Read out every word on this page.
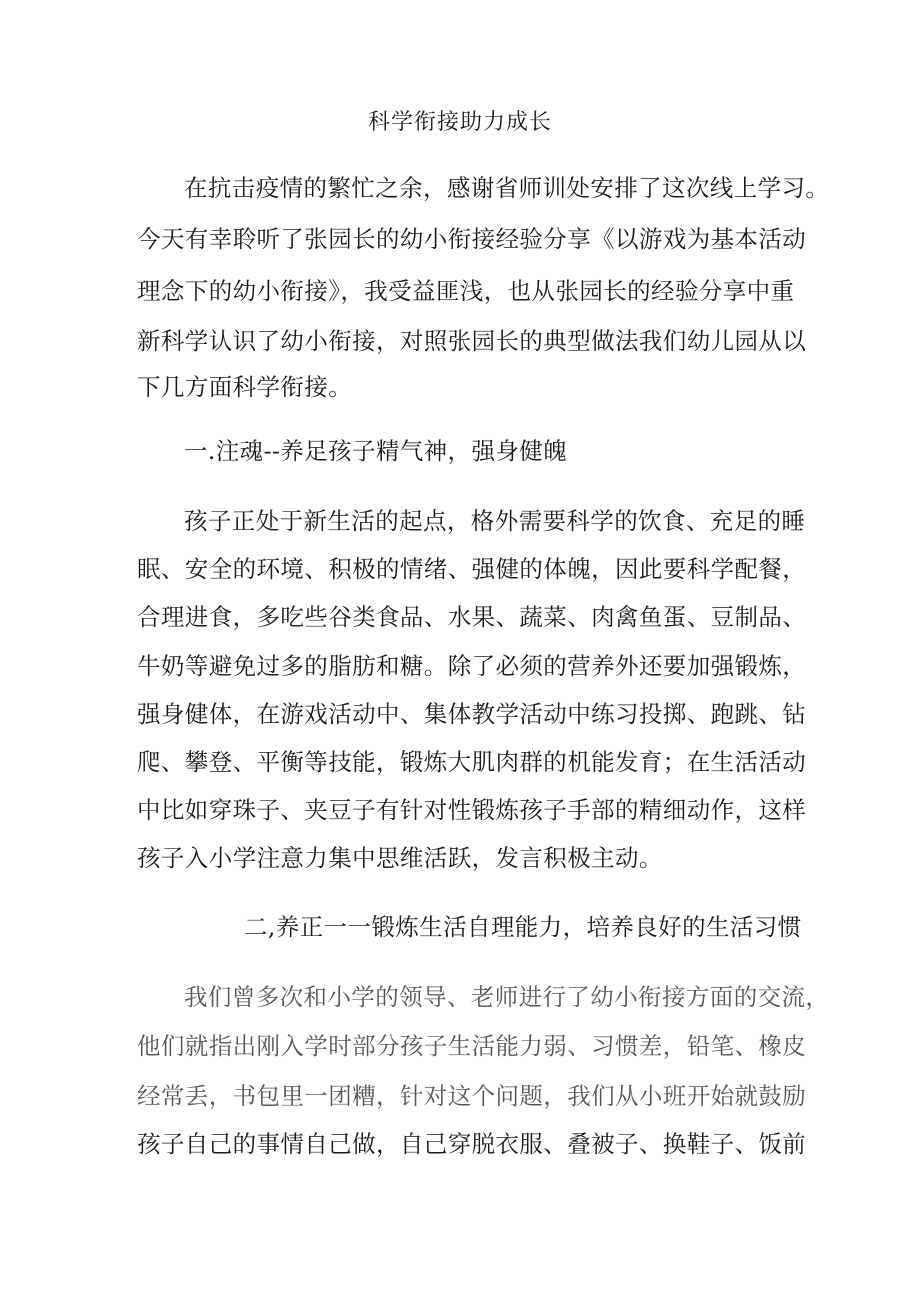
科学衔接助力成长
在抗击疫情的繁忙之余，感谢省师训处安排了这次线上学习。
今天有幸聆听了张园长的幼小衔接经验分享《以游戏为基本活动
理念下的幼小衔接》，我受益匪浅，也从张园长的经验分享中重
新科学认识了幼小衔接，对照张园长的典型做法我们幼儿园从以
下几方面科学衔接。
一.注魂--养足孩子精气神，强身健魄
孩子正处于新生活的起点，格外需要科学的饮食、充足的睡
眠、安全的环境、积极的情绪、强健的体魄，因此要科学配餐，
合理进食，多吃些谷类食品、水果、蔬菜、肉禽鱼蛋、豆制品、
牛奶等避免过多的脂肪和糖。除了必须的营养外还要加强锻炼，
强身健体，在游戏活动中、集体教学活动中练习投掷、跑跳、钻
爬、攀登、平衡等技能，锻炼大肌肉群的机能发育；在生活活动
中比如穿珠子、夹豆子有针对性锻炼孩子手部的精细动作，这样
孩子入小学注意力集中思维活跃，发言积极主动。
二,养正一一锻炼生活自理能力，培养良好的生活习惯
我们曾多次和小学的领导、老师进行了幼小衔接方面的交流，
他们就指出刚入学时部分孩子生活能力弱、习惯差，铅笔、橡皮
经常丢，书包里一团糟，针对这个问题，我们从小班开始就鼓励
孩子自己的事情自己做，自己穿脱衣服、叠被子、换鞋子、饭前
